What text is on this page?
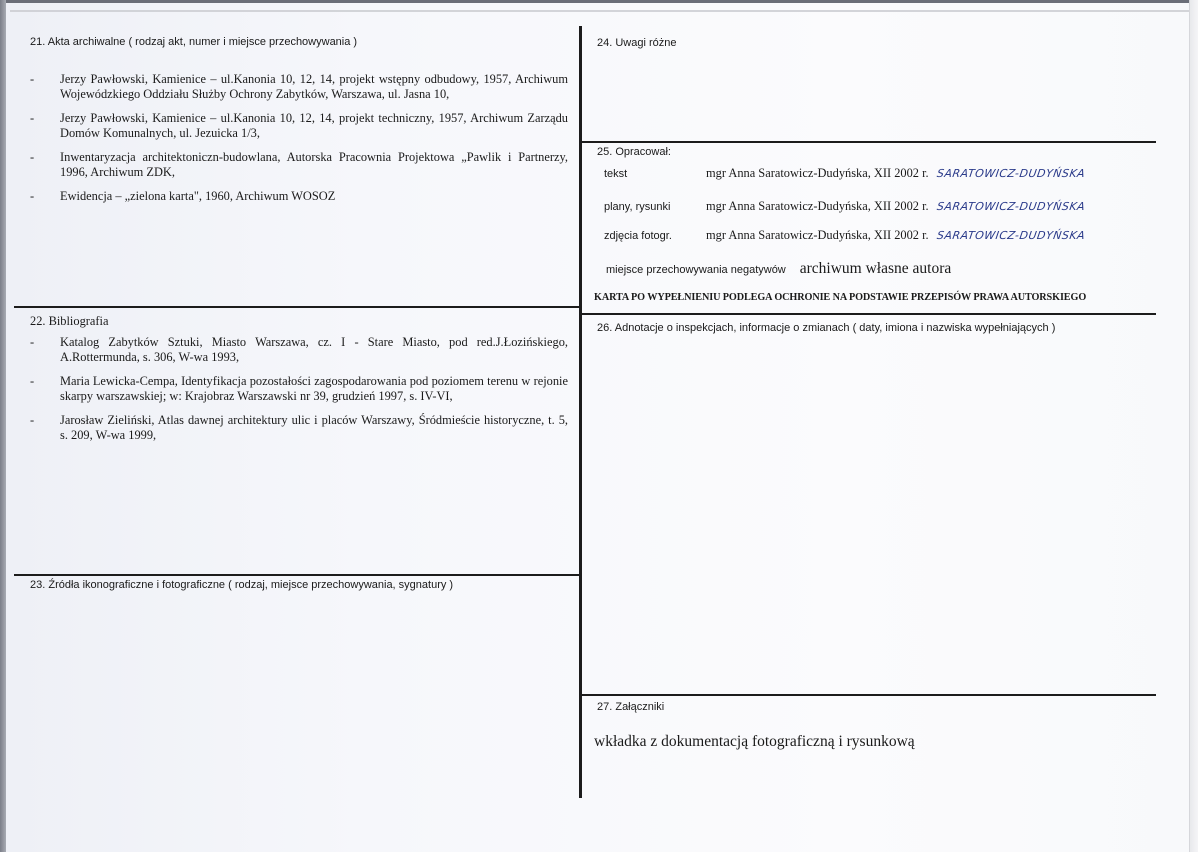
21. Akta archiwalne ( rodzaj akt, numer i miejsce przechowywania )
- Jerzy Pawłowski, Kamienice – ul.Kanonia 10, 12, 14, projekt wstępny odbudowy, 1957, Archiwum Wojewódzkiego Oddziału Służby Ochrony Zabytków, Warszawa, ul. Jasna 10,
- Jerzy Pawłowski, Kamienice – ul.Kanonia 10, 12, 14, projekt techniczny, 1957, Archiwum Zarządu Domów Komunalnych, ul. Jezuicka 1/3,
- Inwentaryzacja architektoniczn-budowlana, Autorska Pracownia Projektowa „Pawlik i Partnerzy, 1996, Archiwum ZDK,
- Ewidencja – „zielona karta", 1960, Archiwum WOSOZ
22. Bibliografia
- Katalog Zabytków Sztuki, Miasto Warszawa, cz. I - Stare Miasto, pod red.J.Łozińskiego, A.Rottermunda, s. 306, W-wa 1993,
- Maria Lewicka-Cempa, Identyfikacja pozostałości zagospodarowania pod poziomem terenu w rejonie skarpy warszawskiej; w: Krajobraz Warszawski nr 39, grudzień 1997, s. IV-VI,
- Jarosław Zieliński, Atlas dawnej architektury ulic i placów Warszawy, Śródmieście historyczne, t. 5, s. 209, W-wa 1999,
23. Źródła ikonograficzne i fotograficzne ( rodzaj, miejsce przechowywania, sygnatury )
24. Uwagi różne
25. Opracował:
tekst	mgr Anna Saratowicz-Dudyńska, XII 2002 r. SARATOWICZ-DUDYŃSKA
plany, rysunki	mgr Anna Saratowicz-Dudyńska, XII 2002 r. SARATOWICZ-DUDYŃSKA
zdjęcia fotogr.	mgr Anna Saratowicz-Dudyńska, XII 2002 r. SARATOWICZ-DUDYŃSKA
miejsce przechowywania negatywów archiwum własne autora
KARTA PO WYPEŁNIENIU PODLEGA OCHRONIE NA PODSTAWIE PRZEPISÓW PRAWA AUTORSKIEGO
26. Adnotacje o inspekcjach, informacje o zmianach ( daty, imiona i nazwiska wypełniających )
27. Załączniki
wkładka z dokumentacją fotograficzną i rysunkową
